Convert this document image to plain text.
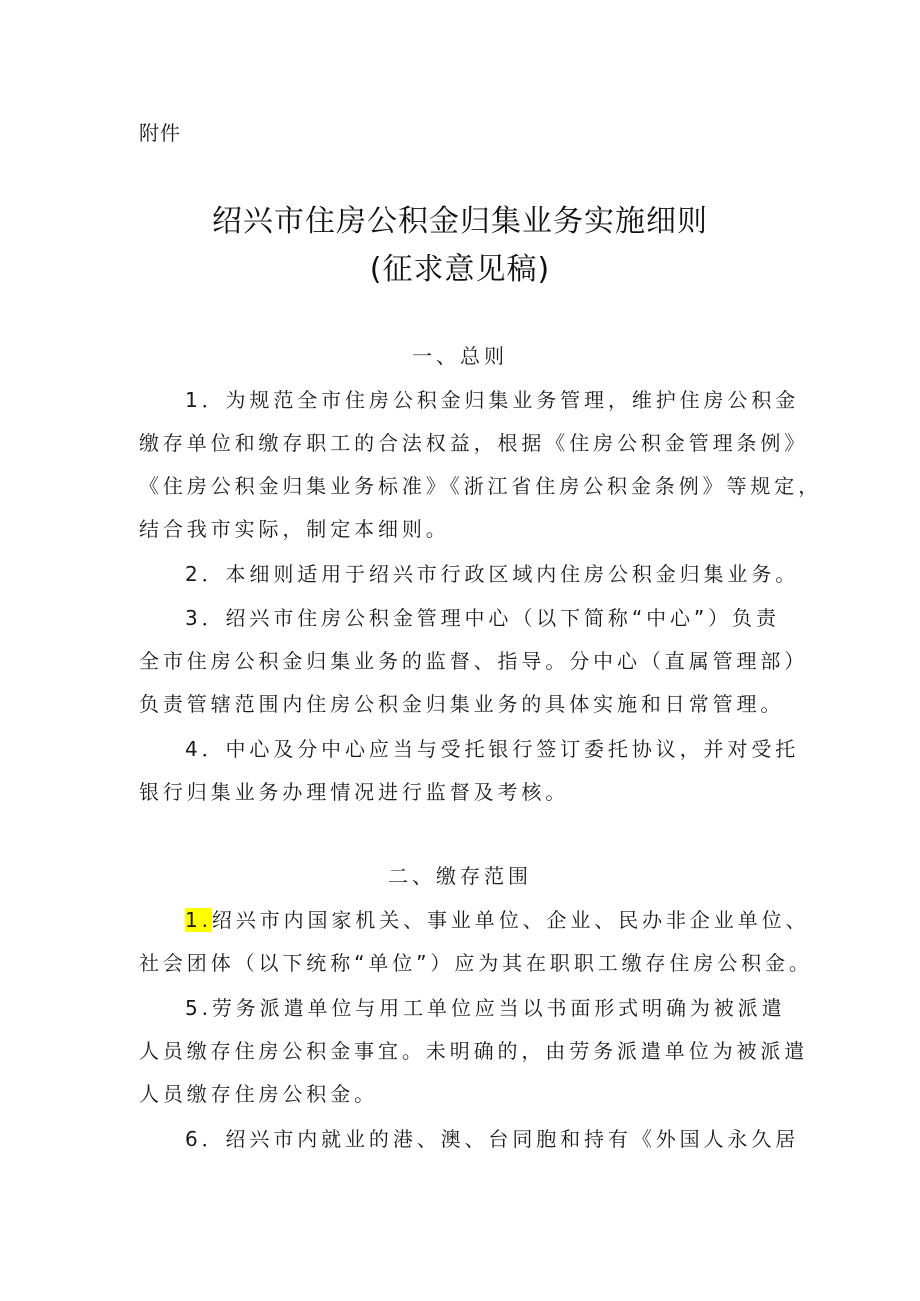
附件
绍兴市住房公积金归集业务实施细则
(征求意见稿)
一、总则
1．为规范全市住房公积金归集业务管理，维护住房公积金
缴存单位和缴存职工的合法权益，根据《住房公积金管理条例》
《住房公积金归集业务标准》《浙江省住房公积金条例》等规定，
结合我市实际，制定本细则。
2．本细则适用于绍兴市行政区域内住房公积金归集业务。
3．绍兴市住房公积金管理中心（以下简称“中心”）负责
全市住房公积金归集业务的监督、指导。分中心（直属管理部）
负责管辖范围内住房公积金归集业务的具体实施和日常管理。
4．中心及分中心应当与受托银行签订委托协议，并对受托
银行归集业务办理情况进行监督及考核。
二、缴存范围
1.绍兴市内国家机关、事业单位、企业、民办非企业单位、
社会团体（以下统称“单位”）应为其在职职工缴存住房公积金。
5.劳务派遣单位与用工单位应当以书面形式明确为被派遣
人员缴存住房公积金事宜。未明确的，由劳务派遣单位为被派遣
人员缴存住房公积金。
6．绍兴市内就业的港、澳、台同胞和持有《外国人永久居
